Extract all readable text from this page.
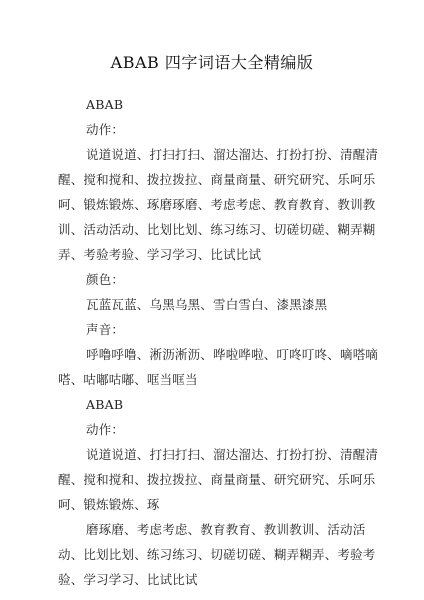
ABAB 四字词语大全精编版
ABAB
动作：
说道说道、打扫打扫、溜达溜达、打扮打扮、清醒清
醒、搅和搅和、拨拉拨拉、商量商量、研究研究、乐呵乐
呵、锻炼锻炼、琢磨琢磨、考虑考虑、教育教育、教训教
训、活动活动、比划比划、练习练习、切磋切磋、糊弄糊
弄、考验考验、学习学习、比试比试
颜色：
瓦蓝瓦蓝、乌黑乌黑、雪白雪白、漆黑漆黑
声音：
呼噜呼噜、淅沥淅沥、哗啦哗啦、叮咚叮咚、嘀嗒嘀
嗒、咕嘟咕嘟、哐当哐当
ABAB
动作：
说道说道、打扫打扫、溜达溜达、打扮打扮、清醒清
醒、搅和搅和、拨拉拨拉、商量商量、研究研究、乐呵乐
呵、锻炼锻炼、琢
磨琢磨、考虑考虑、教育教育、教训教训、活动活
动、比划比划、练习练习、切磋切磋、糊弄糊弄、考验考
验、学习学习、比试比试
